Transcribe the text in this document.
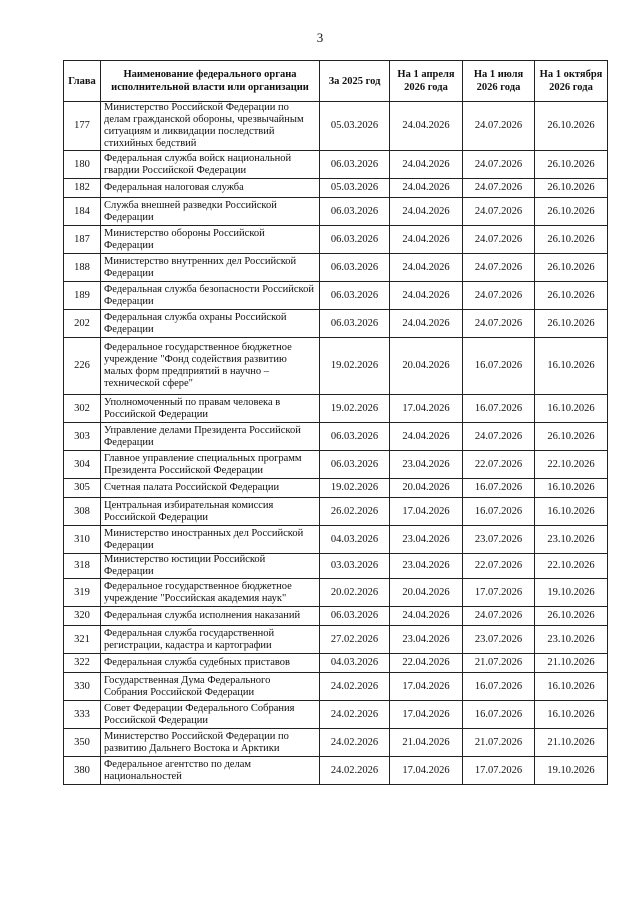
3
Глава	Наименование федерального органа исполнительной власти или организации	За 2025 год	На 1 апреля 2026 года	На 1 июля 2026 года	На 1 октября 2026 года
177	Министерство Российской Федерации по делам гражданской обороны, чрезвычайным ситуациям и ликвидации последствий стихийных бедствий	05.03.2026	24.04.2026	24.07.2026	26.10.2026
180	Федеральная служба войск национальной гвардии Российской Федерации	06.03.2026	24.04.2026	24.07.2026	26.10.2026
182	Федеральная налоговая служба	05.03.2026	24.04.2026	24.07.2026	26.10.2026
184	Служба внешней разведки Российской Федерации	06.03.2026	24.04.2026	24.07.2026	26.10.2026
187	Министерство обороны Российской Федерации	06.03.2026	24.04.2026	24.07.2026	26.10.2026
188	Министерство внутренних дел Российской Федерации	06.03.2026	24.04.2026	24.07.2026	26.10.2026
189	Федеральная служба безопасности Российской Федерации	06.03.2026	24.04.2026	24.07.2026	26.10.2026
202	Федеральная служба охраны Российской Федерации	06.03.2026	24.04.2026	24.07.2026	26.10.2026
226	Федеральное государственное бюджетное учреждение "Фонд содействия развитию малых форм предприятий в научно – технической сфере"	19.02.2026	20.04.2026	16.07.2026	16.10.2026
302	Уполномоченный по правам человека в Российской Федерации	19.02.2026	17.04.2026	16.07.2026	16.10.2026
303	Управление делами Президента Российской Федерации	06.03.2026	24.04.2026	24.07.2026	26.10.2026
304	Главное управление специальных программ Президента Российской Федерации	06.03.2026	23.04.2026	22.07.2026	22.10.2026
305	Счетная палата Российской Федерации	19.02.2026	20.04.2026	16.07.2026	16.10.2026
308	Центральная избирательная комиссия Российской Федерации	26.02.2026	17.04.2026	16.07.2026	16.10.2026
310	Министерство иностранных дел Российской Федерации	04.03.2026	23.04.2026	23.07.2026	23.10.2026
318	Министерство юстиции Российской Федерации	03.03.2026	23.04.2026	22.07.2026	22.10.2026
319	Федеральное государственное бюджетное учреждение "Российская академия наук"	20.02.2026	20.04.2026	17.07.2026	19.10.2026
320	Федеральная служба исполнения наказаний	06.03.2026	24.04.2026	24.07.2026	26.10.2026
321	Федеральная служба государственной регистрации, кадастра и картографии	27.02.2026	23.04.2026	23.07.2026	23.10.2026
322	Федеральная служба судебных приставов	04.03.2026	22.04.2026	21.07.2026	21.10.2026
330	Государственная Дума Федерального Собрания Российской Федерации	24.02.2026	17.04.2026	16.07.2026	16.10.2026
333	Совет Федерации Федерального Собрания Российской Федерации	24.02.2026	17.04.2026	16.07.2026	16.10.2026
350	Министерство Российской Федерации по развитию Дальнего Востока и Арктики	24.02.2026	21.04.2026	21.07.2026	21.10.2026
380	Федеральное агентство по делам национальностей	24.02.2026	17.04.2026	17.07.2026	19.10.2026
